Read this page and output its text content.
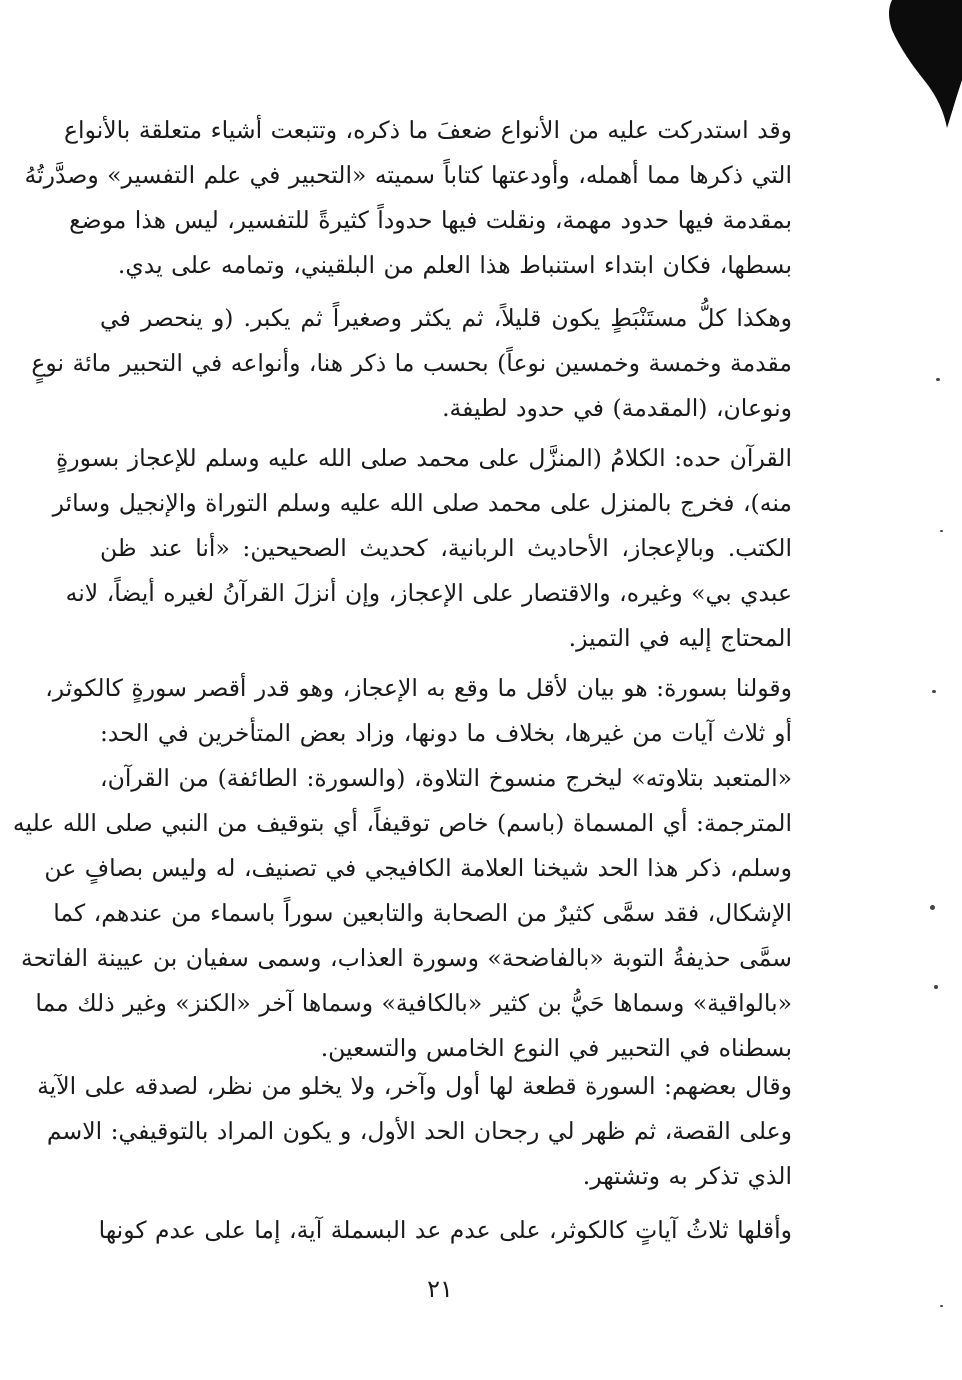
٢١

وقد استدركت عليه من الأنواع ضعفَ ما ذكره، وتتبعت أشياء متعلقة بالأنواع
التي ذكرها مما أهمله، وأودعتها كتاباً سميته «التحبير في علم التفسير» وصدَّرتُهُ
بمقدمة فيها حدود مهمة، ونقلت فيها حدوداً كثيرةً للتفسير، ليس هذا موضع
بسطها، فكان ابتداء استنباط هذا العلم من البلقيني، وتمامه على يدي.

وهكذا كلُّ مستَنْبَطٍ يكون قليلاً، ثم يكثر وصغيراً ثم يكبر. (و ينحصر في
مقدمة وخمسة وخمسين نوعاً) بحسب ما ذكر هنا، وأنواعه في التحبير مائة نوعٍ
ونوعان، (المقدمة) في حدود لطيفة.

القرآن حده: الكلامُ (المنزَّل على محمد صلى الله عليه وسلم للإعجاز بسورةٍ
منه)، فخرج بالمنزل على محمد صلى الله عليه وسلم التوراة والإنجيل وسائر
الكتب. وبالإعجاز، الأحاديث الربانية، كحديث الصحيحين: «أنا عند ظن
عبدي بي» وغيره، والاقتصار على الإعجاز، وإن أنزلَ القرآنُ لغيره أيضاً، لانه
المحتاج إليه في التميز.

وقولنا بسورة: هو بيان لأقل ما وقع به الإعجاز، وهو قدر أقصر سورةٍ كالكوثر،
أو ثلاث آيات من غيرها، بخلاف ما دونها، وزاد بعض المتأخرين في الحد:
«المتعبد بتلاوته» ليخرج منسوخ التلاوة، (والسورة: الطائفة) من القرآن،
المترجمة: أي المسماة (باسم) خاص توقيفاً، أي بتوقيف من النبي صلى الله عليه
وسلم، ذكر هذا الحد شيخنا العلامة الكافيجي في تصنيف، له وليس بصافٍ عن
الإشكال، فقد سمَّى كثيرٌ من الصحابة والتابعين سوراً باسماء من عندهم، كما
سمَّى حذيفةُ التوبة «بالفاضحة» وسورة العذاب، وسمى سفيان بن عيينة الفاتحة
«بالواقية» وسماها حَيُّ بن كثير «بالكافية» وسماها آخر «الكنز» وغير ذلك مما
بسطناه في التحبير في النوع الخامس والتسعين.

وقال بعضهم: السورة قطعة لها أول وآخر، ولا يخلو من نظر، لصدقه على الآية
وعلى القصة، ثم ظهر لي رجحان الحد الأول، و يكون المراد بالتوقيفي: الاسم
الذي تذكر به وتشتهر.

وأقلها ثلاثُ آياتٍ كالكوثر، على عدم عد البسملة آية، إما على عدم كونها
